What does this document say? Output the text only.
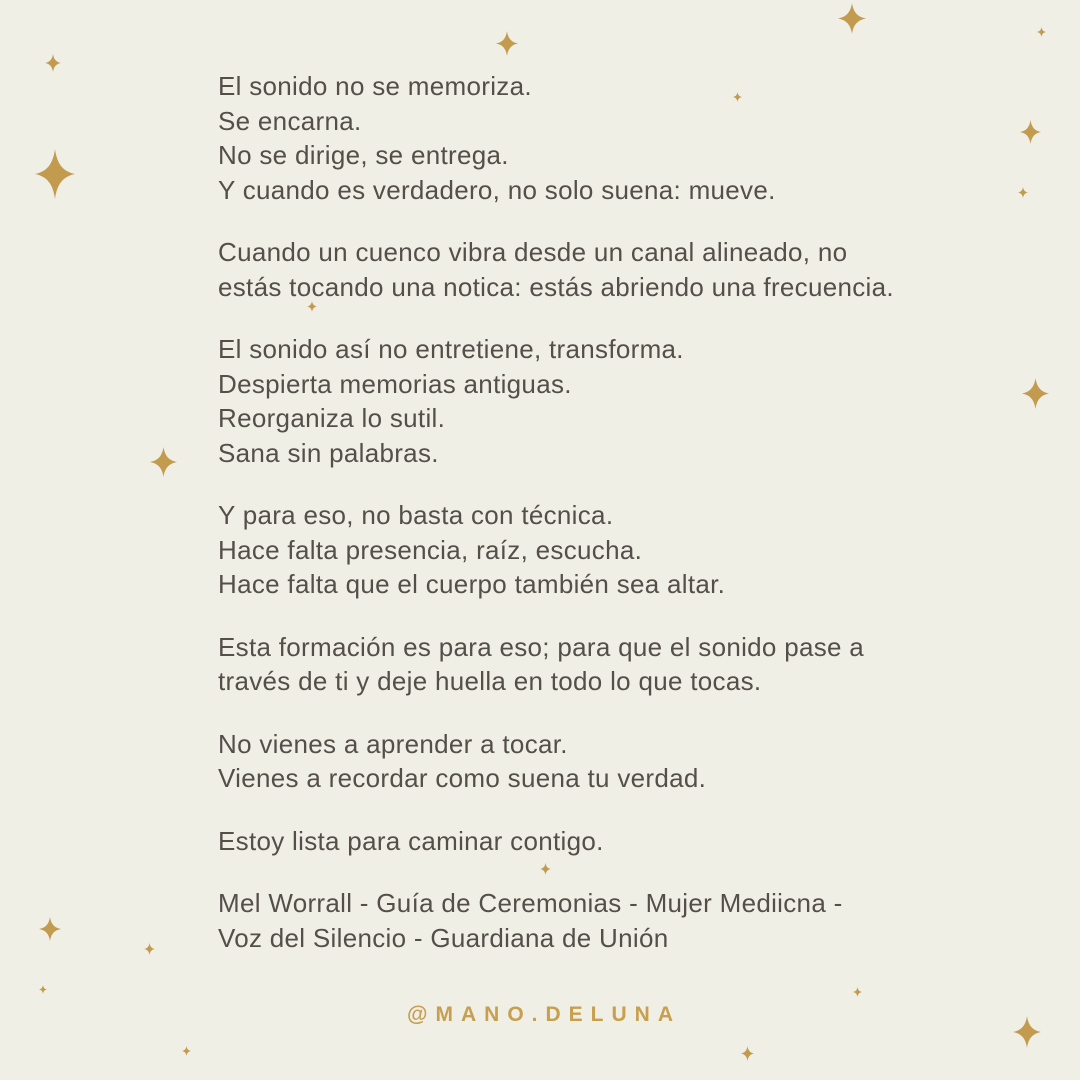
El sonido no se memoriza.
Se encarna.
No se dirige, se entrega.
Y cuando es verdadero, no solo suena: mueve.

Cuando un cuenco vibra desde un canal alineado, no
estás tocando una notica: estás abriendo una frecuencia.

El sonido así no entretiene, transforma.
Despierta memorias antiguas.
Reorganiza lo sutil.
Sana sin palabras.

Y para eso, no basta con técnica.
Hace falta presencia, raíz, escucha.
Hace falta que el cuerpo también sea altar.

Esta formación es para eso; para que el sonido pase a
través de ti y deje huella en todo lo que tocas.

No vienes a aprender a tocar.
Vienes a recordar como suena tu verdad.

Estoy lista para caminar contigo.

Mel Worrall - Guía de Ceremonias - Mujer Mediicna -
Voz del Silencio - Guardiana de Unión

@MANO.DELUNA
